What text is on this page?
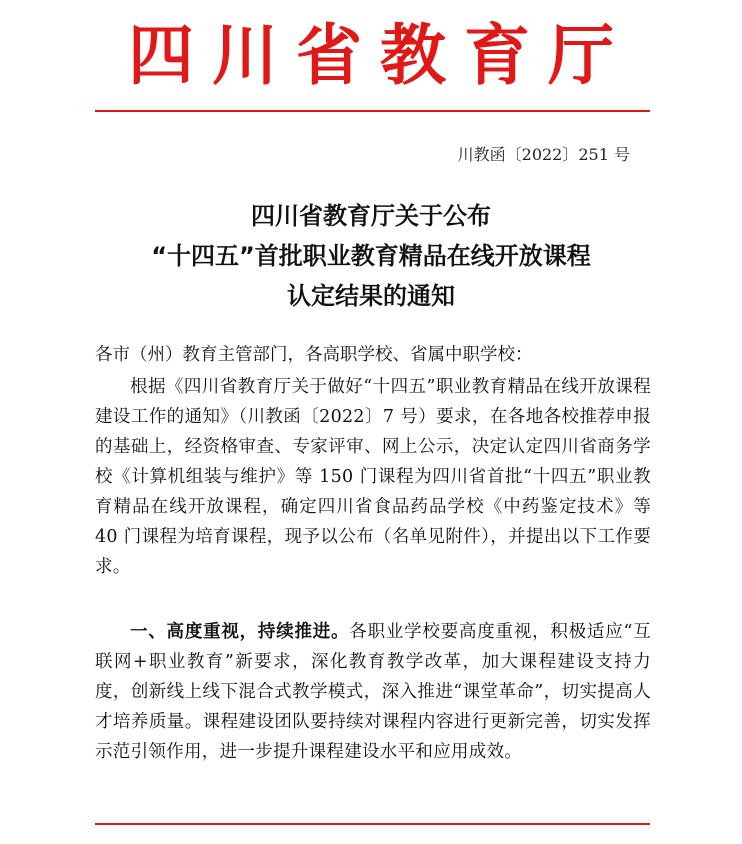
四川省教育厅
川教函〔2022〕251 号
四川省教育厅关于公布
“十四五”首批职业教育精品在线开放课程
认定结果的通知
各市（州）教育主管部门，各高职学校、省属中职学校：

根据《四川省教育厅关于做好“十四五”职业教育精品在线开放课程建设工作的通知》（川教函〔2022〕7 号）要求，在各地各校推荐申报的基础上，经资格审查、专家评审、网上公示，决定认定四川省商务学校《计算机组装与维护》等 150 门课程为四川省首批“十四五”职业教育精品在线开放课程，确定四川省食品药品学校《中药鉴定技术》等 40 门课程为培育课程，现予以公布（名单见附件），并提出以下工作要求。

一、高度重视，持续推进。各职业学校要高度重视，积极适应“互联网+职业教育”新要求，深化教育教学改革，加大课程建设支持力度，创新线上线下混合式教学模式，深入推进“课堂革命”，切实提高人才培养质量。课程建设团队要持续对课程内容进行更新完善，切实发挥示范引领作用，进一步提升课程建设水平和应用成效。
